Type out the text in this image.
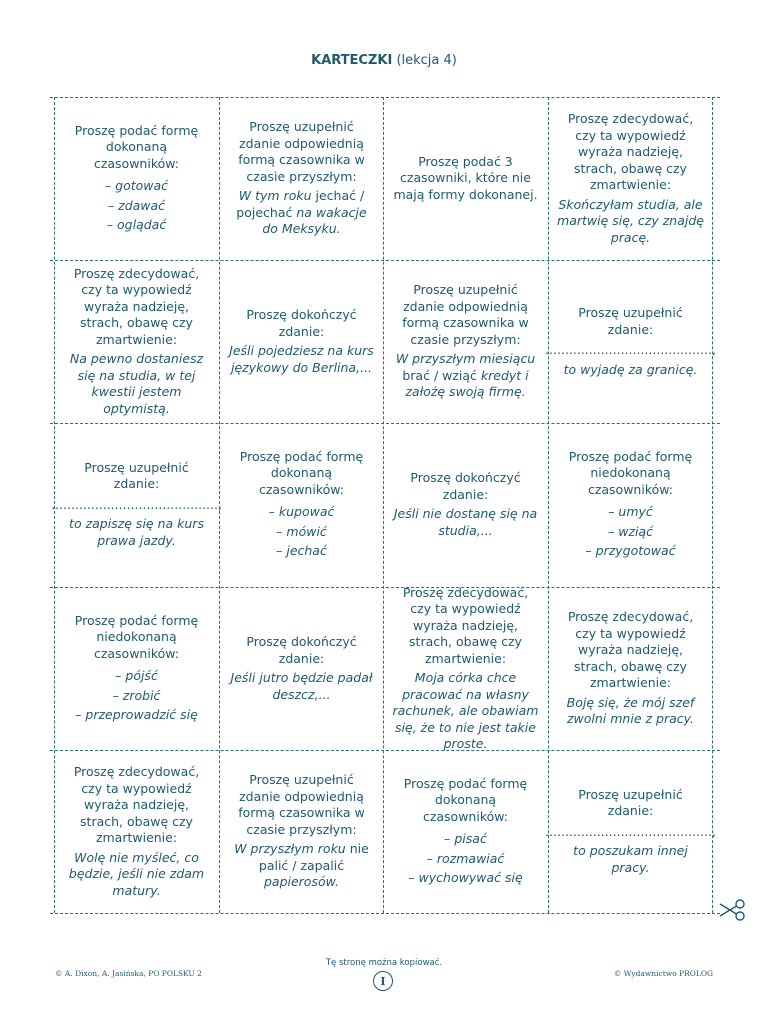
KARTECZKI (lekcja 4)
Proszę podać formę dokonaną czasowników:
– gotować
– zdawać
– oglądać
Proszę uzupełnić zdanie odpowiednią formą czasownika w czasie przyszłym:
W tym roku jechać / pojechać na wakacje do Meksyku.
Proszę podać 3 czasowniki, które nie mają formy dokonanej.
Proszę zdecydować, czy ta wypowiedź wyraża nadzieję, strach, obawę czy zmartwienie:
Skończyłam studia, ale martwię się, czy znajdę pracę.
Proszę zdecydować, czy ta wypowiedź wyraża nadzieję, strach, obawę czy zmartwienie:
Na pewno dostaniesz się na studia, w tej kwestii jestem optymistą.
Proszę dokończyć zdanie:
Jeśli pojedziesz na kurs językowy do Berlina,...
Proszę uzupełnić zdanie odpowiednią formą czasownika w czasie przyszłym:
W przyszłym miesiącu brać / wziąć kredyt i założę swoją firmę.
Proszę uzupełnić zdanie:
..........................................,
to wyjadę za granicę.
Proszę uzupełnić zdanie:
..........................................,
to zapiszę się na kurs prawa jazdy.
Proszę podać formę dokonaną czasowników:
– kupować
– mówić
– jechać
Proszę dokończyć zdanie:
Jeśli nie dostanę się na studia,...
Proszę podać formę niedokonaną czasowników:
– umyć
– wziąć
– przygotować
Proszę podać formę niedokonaną czasowników:
– pójść
– zrobić
– przeprowadzić się
Proszę dokończyć zdanie:
Jeśli jutro będzie padał deszcz,...
Proszę zdecydować, czy ta wypowiedź wyraża nadzieję, strach, obawę czy zmartwienie:
Moja córka chce pracować na własny rachunek, ale obawiam się, że to nie jest takie proste.
Proszę zdecydować, czy ta wypowiedź wyraża nadzieję, strach, obawę czy zmartwienie:
Boję się, że mój szef zwolni mnie z pracy.
Proszę zdecydować, czy ta wypowiedź wyraża nadzieję, strach, obawę czy zmartwienie:
Wolę nie myśleć, co będzie, jeśli nie zdam matury.
Proszę uzupełnić zdanie odpowiednią formą czasownika w czasie przyszłym:
W przyszłym roku nie palić / zapalić papierosów.
Proszę podać formę dokonaną czasowników:
– pisać
– rozmawiać
– wychowywać się
Proszę uzupełnić zdanie:
..........................................,
to poszukam innej pracy.
© A. Dixon, A. Jasińska, PO POLSKU 2
Tę stronę można kopiować.
I
© Wydawnictwo PROLOG
